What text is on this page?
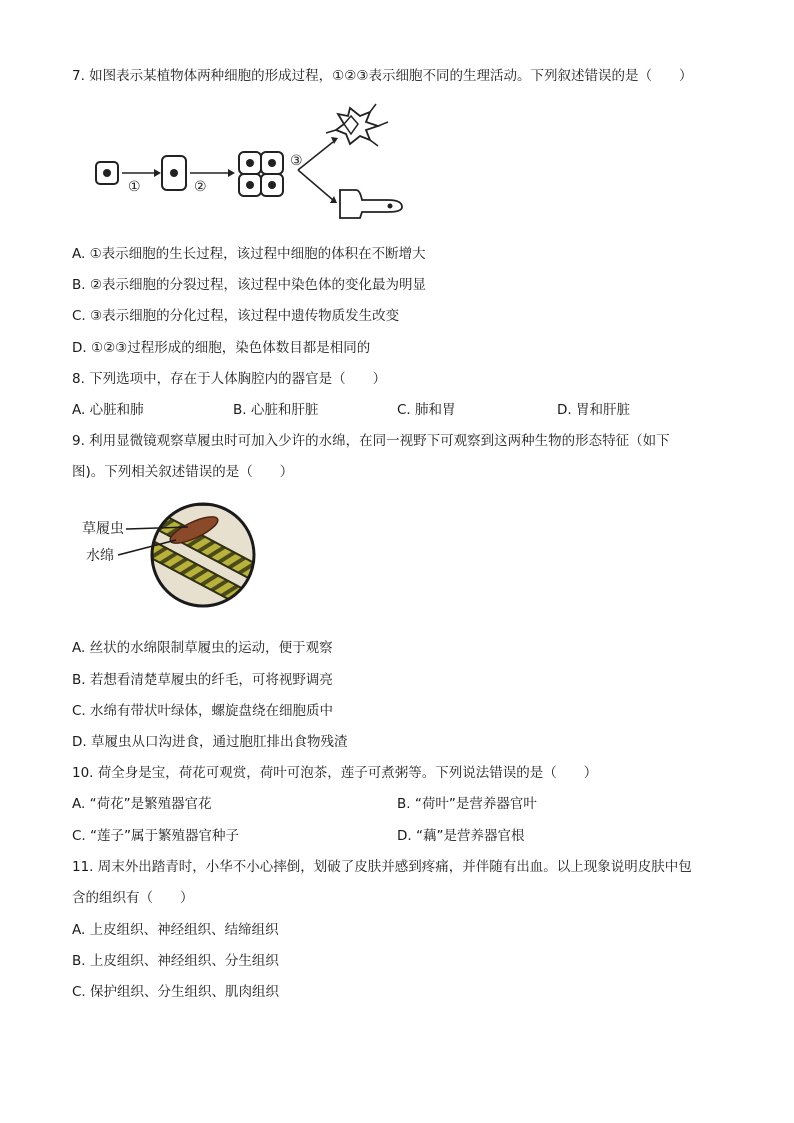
7. 如图表示某植物体两种细胞的形成过程，①②③表示细胞不同的生理活动。下列叙述错误的是（　　）
①	②
③
A. ①表示细胞的生长过程，该过程中细胞的体积在不断增大
B. ②表示细胞的分裂过程，该过程中染色体的变化最为明显
C. ③表示细胞的分化过程，该过程中遗传物质发生改变
D. ①②③过程形成的细胞，染色体数目都是相同的
8. 下列选项中，存在于人体胸腔内的器官是（　　）
A. 心脏和肺	B. 心脏和肝脏	C. 肺和胃	D. 胃和肝脏
9. 利用显微镜观察草履虫时可加入少许的水绵，在同一视野下可观察到这两种生物的形态特征（如下
图)。下列相关叙述错误的是（　　）
草履虫
水绵
A. 丝状的水绵限制草履虫的运动，便于观察
B. 若想看清楚草履虫的纤毛，可将视野调亮
C. 水绵有带状叶绿体，螺旋盘绕在细胞质中
D. 草履虫从口沟进食，通过胞肛排出食物残渣
10. 荷全身是宝，荷花可观赏，荷叶可泡茶，莲子可煮粥等。下列说法错误的是（　　）
A. “荷花”是繁殖器官花	B. “荷叶”是营养器官叶
C. “莲子”属于繁殖器官种子	D. “藕”是营养器官根
11. 周末外出踏青时，小华不小心摔倒，划破了皮肤并感到疼痛，并伴随有出血。以上现象说明皮肤中包
含的组织有（　　）
A. 上皮组织、神经组织、结缔组织
B. 上皮组织、神经组织、分生组织
C. 保护组织、分生组织、肌肉组织
